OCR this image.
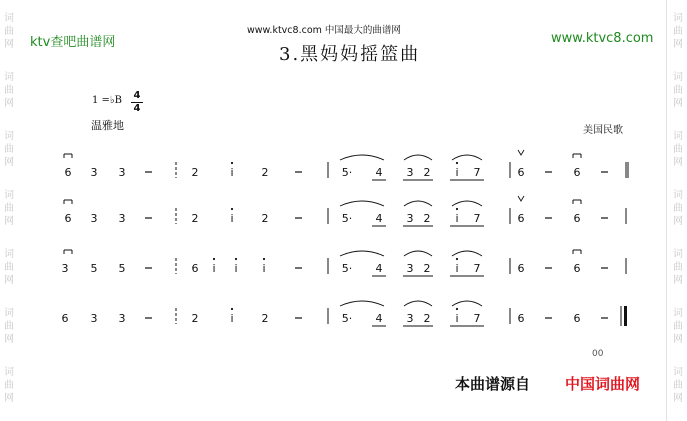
词
曲
网
词
曲
网
词
曲
网
词
曲
网
词
曲
网
词
曲
网
词
曲
网
词
曲
网
词
曲
网
词
曲
网
词
曲
网
词
曲
网
词
曲
网
词
曲
网
ktv查吧曲谱网
www.ktvc8.com 中国最大的曲谱网
www.ktvc8.com
3.黑妈妈摇篮曲
1 =♭B 4
4
温雅地	美国民歌
6 3 3	2	i	2	5· 4 3 2 i 7	6	6
6 3 3	2	i	2	5· 4 3 2 i 7	6	6
3 5 5	6 i i i	5· 4 3 2 i 7	6	6
6 3 3	2	i	2	5· 4 3 2 i 7	6	6
00
本曲谱源自 中国词曲网
